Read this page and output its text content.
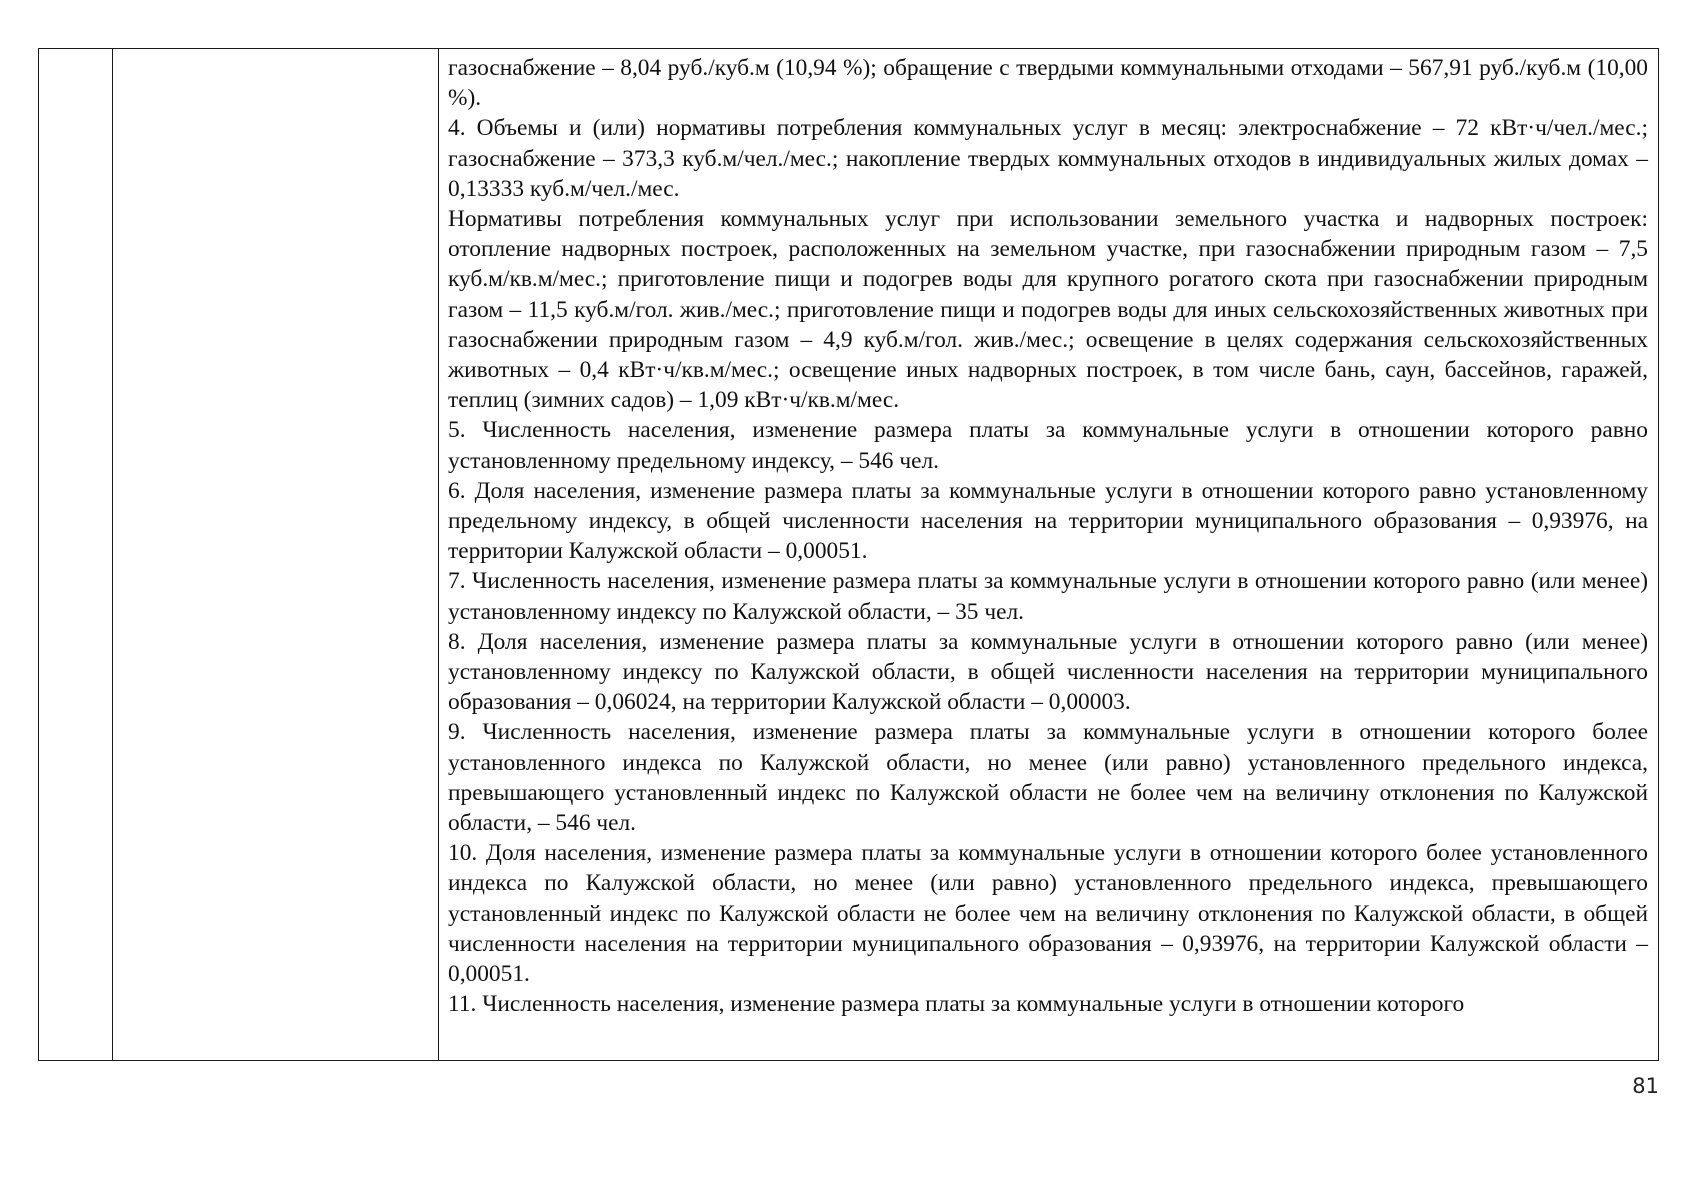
газоснабжение – 8,04 руб./куб.м (10,94 %); обращение с твердыми коммунальными отходами – 567,91 руб./куб.м (10,00 %).

4. Объемы и (или) нормативы потребления коммунальных услуг в месяц: электроснабжение – 72 кВт·ч/чел./мес.; газоснабжение – 373,3 куб.м/чел./мес.; накопление твердых коммунальных отходов в индивидуальных жилых домах – 0,13333 куб.м/чел./мес.

Нормативы потребления коммунальных услуг при использовании земельного участка и надворных построек: отопление надворных построек, расположенных на земельном участке, при газоснабжении природным газом – 7,5 куб.м/кв.м/мес.; приготовление пищи и подогрев воды для крупного рогатого скота при газоснабжении природным газом – 11,5 куб.м/гол. жив./мес.; приготовление пищи и подогрев воды для иных сельскохозяйственных животных при газоснабжении природным газом – 4,9 куб.м/гол. жив./мес.; освещение в целях содержания сельскохозяйственных животных – 0,4 кВт·ч/кв.м/мес.; освещение иных надворных построек, в том числе бань, саун, бассейнов, гаражей, теплиц (зимних садов) – 1,09 кВт·ч/кв.м/мес.

5. Численность населения, изменение размера платы за коммунальные услуги в отношении которого равно установленному предельному индексу, – 546 чел.

6. Доля населения, изменение размера платы за коммунальные услуги в отношении которого равно установленному предельному индексу, в общей численности населения на территории муниципального образования – 0,93976, на территории Калужской области – 0,00051.

7. Численность населения, изменение размера платы за коммунальные услуги в отношении которого равно (или менее) установленному индексу по Калужской области, – 35 чел.

8. Доля населения, изменение размера платы за коммунальные услуги в отношении которого равно (или менее) установленному индексу по Калужской области, в общей численности населения на территории муниципального образования – 0,06024, на территории Калужской области – 0,00003.

9. Численность населения, изменение размера платы за коммунальные услуги в отношении которого более установленного индекса по Калужской области, но менее (или равно) установленного предельного индекса, превышающего установленный индекс по Калужской области не более чем на величину отклонения по Калужской области, – 546 чел.

10. Доля населения, изменение размера платы за коммунальные услуги в отношении которого более установленного индекса по Калужской области, но менее (или равно) установленного предельного индекса, превышающего установленный индекс по Калужской области не более чем на величину отклонения по Калужской области, в общей численности населения на территории муниципального образования – 0,93976, на территории Калужской области – 0,00051.

11. Численность населения, изменение размера платы за коммунальные услуги в отношении которого

81
